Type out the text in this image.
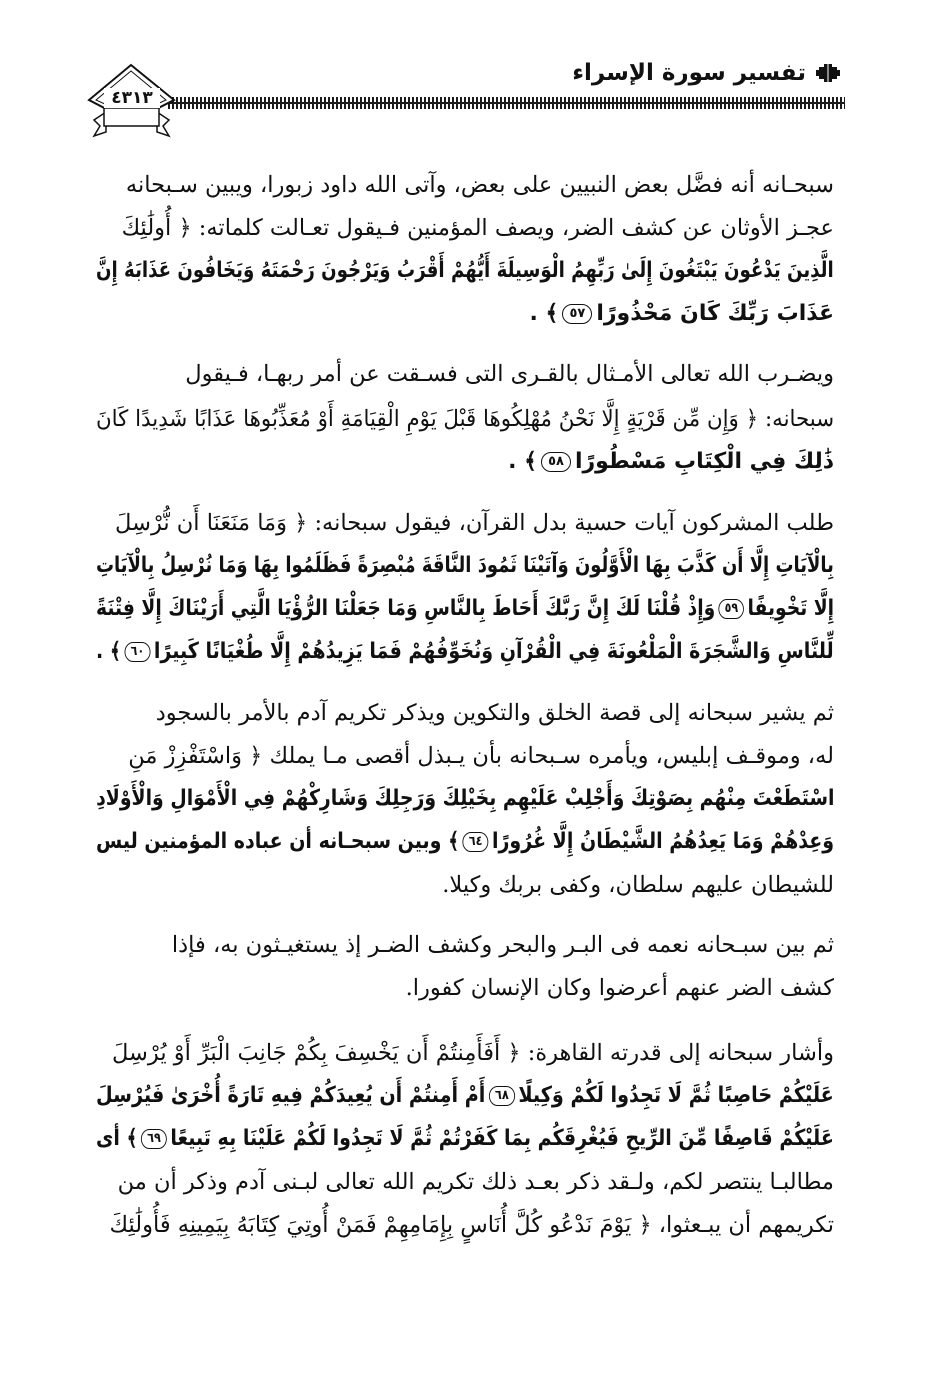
تفسير سورة الإسراء
٤٣١٣
سبحـانه أنه فضَّل بعض النبيين على بعض، وآتى الله داود زبورا، ويبين سـبحانه
عجـز الأوثان عن كشف الضر، ويصف المؤمنين فـيقول تعـالت كلماته: ﴿ أُولَٰئِكَ
الَّذِينَ يَدْعُونَ يَبْتَغُونَ إِلَىٰ رَبِّهِمُ الْوَسِيلَةَ أَيُّهُمْ أَقْرَبُ وَيَرْجُونَ رَحْمَتَهُ وَيَخَافُونَ عَذَابَهُ إِنَّ
عَذَابَ رَبِّكَ كَانَ مَحْذُورًا٥٧﴾ .
ويضـرب الله تعالى الأمـثال بالقـرى التى فسـقت عن أمر ربهـا، فـيقول
سبحانه: ﴿ وَإِن مِّن قَرْيَةٍ إِلَّا نَحْنُ مُهْلِكُوهَا قَبْلَ يَوْمِ الْقِيَامَةِ أَوْ مُعَذِّبُوهَا عَذَابًا شَدِيدًا كَانَ
ذَٰلِكَ فِي الْكِتَابِ مَسْطُورًا٥٨﴾ .
طلب المشركون آيات حسية بدل القرآن، فيقول سبحانه: ﴿ وَمَا مَنَعَنَا أَن نُّرْسِلَ
بِالْآيَاتِ إِلَّا أَن كَذَّبَ بِهَا الْأَوَّلُونَ وَآتَيْنَا ثَمُودَ النَّاقَةَ مُبْصِرَةً فَظَلَمُوا بِهَا وَمَا نُرْسِلُ بِالْآيَاتِ
إِلَّا تَخْوِيفًا٥٩وَإِذْ قُلْنَا لَكَ إِنَّ رَبَّكَ أَحَاطَ بِالنَّاسِ وَمَا جَعَلْنَا الرُّؤْيَا الَّتِي أَرَيْنَاكَ إِلَّا فِتْنَةً
لِّلنَّاسِ وَالشَّجَرَةَ الْمَلْعُونَةَ فِي الْقُرْآنِ وَنُخَوِّفُهُمْ فَمَا يَزِيدُهُمْ إِلَّا طُغْيَانًا كَبِيرًا٦٠﴾ .
ثم يشير سبحانه إلى قصة الخلق والتكوين ويذكر تكريم آدم بالأمر بالسجود
له، وموقـف إبليس، ويأمره سـبحانه بأن يـبذل أقصى مـا يملك ﴿ وَاسْتَفْزِزْ مَنِ
اسْتَطَعْتَ مِنْهُم بِصَوْتِكَ وَأَجْلِبْ عَلَيْهِم بِخَيْلِكَ وَرَجِلِكَ وَشَارِكْهُمْ فِي الْأَمْوَالِ وَالْأَوْلَادِ
وَعِدْهُمْ وَمَا يَعِدُهُمُ الشَّيْطَانُ إِلَّا غُرُورًا٦٤﴾ وبين سبحـانه أن عباده المؤمنين ليس
للشيطان عليهم سلطان، وكفى بربك وكيلا.
ثم بين سبـحانه نعمه فى البـر والبحر وكشف الضـر إذ يستغيـثون به، فإذا
كشف الضر عنهم أعرضوا وكان الإنسان كفورا.
وأشار سبحانه إلى قدرته القاهرة: ﴿ أَفَأَمِنتُمْ أَن يَخْسِفَ بِكُمْ جَانِبَ الْبَرِّ أَوْ يُرْسِلَ
عَلَيْكُمْ حَاصِبًا ثُمَّ لَا تَجِدُوا لَكُمْ وَكِيلًا٦٨أَمْ أَمِنتُمْ أَن يُعِيدَكُمْ فِيهِ تَارَةً أُخْرَىٰ فَيُرْسِلَ
عَلَيْكُمْ قَاصِفًا مِّنَ الرِّيحِ فَيُغْرِقَكُم بِمَا كَفَرْتُمْ ثُمَّ لَا تَجِدُوا لَكُمْ عَلَيْنَا بِهِ تَبِيعًا٦٩﴾ أى
مطالبـا ينتصر لكم، ولـقد ذكر بعـد ذلك تكريم الله تعالى لبـنى آدم وذكر أن من
تكريمهم أن يبـعثوا، ﴿ يَوْمَ نَدْعُو كُلَّ أُنَاسٍ بِإِمَامِهِمْ فَمَنْ أُوتِيَ كِتَابَهُ بِيَمِينِهِ فَأُولَٰئِكَ
